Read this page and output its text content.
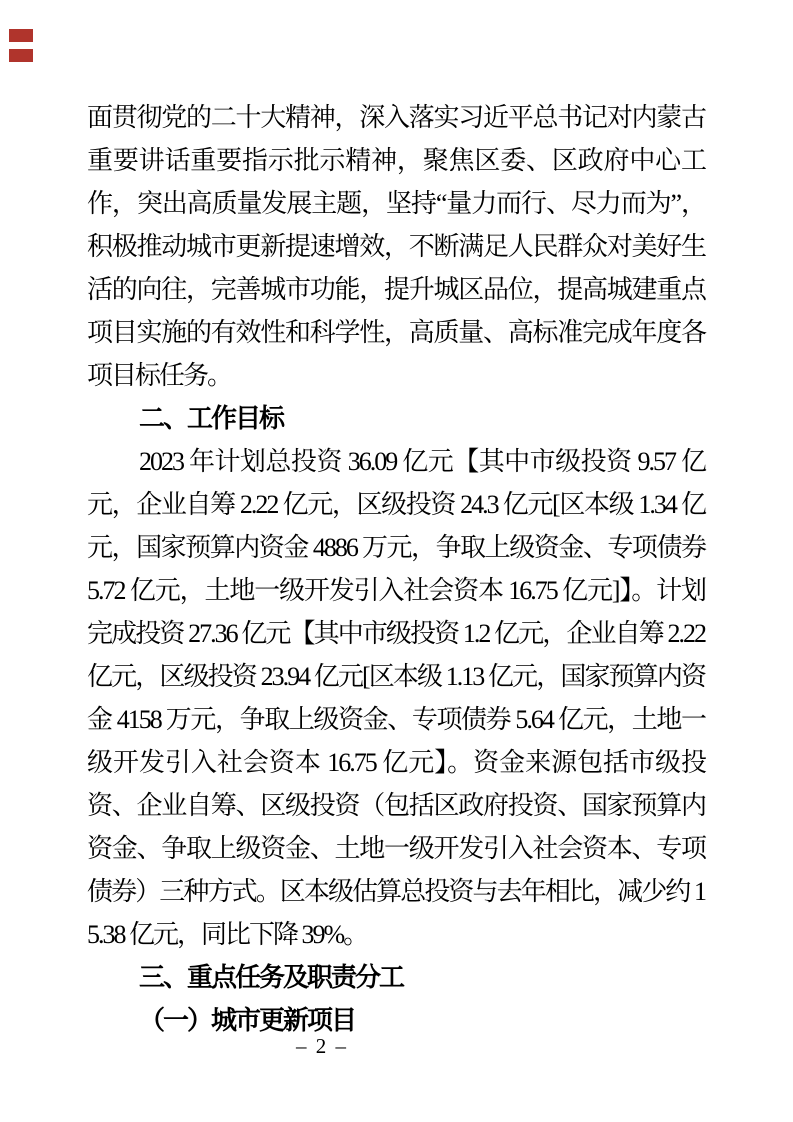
面贯彻党的二十大精神，深入落实习近平总书记对内蒙古重要讲话重要指示批示精神，聚焦区委、区政府中心工作，突出高质量发展主题，坚持“量力而行、尽力而为”，积极推动城市更新提速增效，不断满足人民群众对美好生活的向往，完善城市功能，提升城区品位，提高城建重点项目实施的有效性和科学性，高质量、高标准完成年度各项目标任务。

二、工作目标

2023 年计划总投资 36.09 亿元【其中市级投资 9.57 亿元，企业自筹 2.22 亿元，区级投资 24.3 亿元[区本级 1.34 亿元，国家预算内资金 4886 万元，争取上级资金、专项债券 5.72 亿元，土地一级开发引入社会资本 16.75 亿元]】。计划完成投资 27.36 亿元【其中市级投资 1.2 亿元，企业自筹 2.22 亿元，区级投资 23.94 亿元[区本级 1.13 亿元，国家预算内资金 4158 万元，争取上级资金、专项债券 5.64 亿元，土地一级开发引入社会资本 16.75 亿元】。资金来源包括市级投资、企业自筹、区级投资（包括区政府投资、国家预算内资金、争取上级资金、土地一级开发引入社会资本、专项债券）三种方式。区本级估算总投资与去年相比，减少约 15.38 亿元，同比下降 39%。

三、重点任务及职责分工

（一）城市更新项目

– 2 –
